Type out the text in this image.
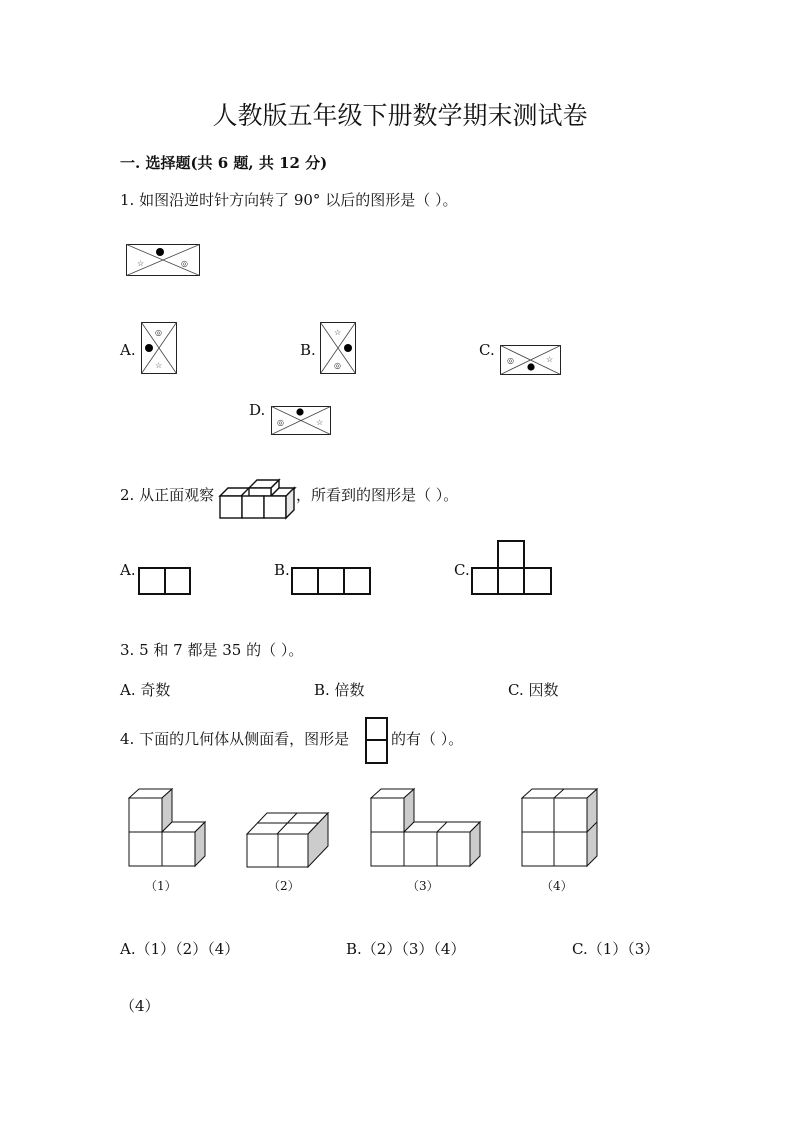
人教版五年级下册数学期末测试卷
一. 选择题(共 6 题, 共 12 分)
1. 如图沿逆时针方向转了 90° 以后的图形是（ ）。
☆	◎
A.
◎
☆
B.
☆
◎
C.
◎	☆
D.
◎	☆
2. 从正面观察	，所看到的图形是（ ）。
A.	B.	C.
3. 5 和 7 都是 35 的（ ）。
A. 奇数	B. 倍数	C. 因数
4. 下面的几何体从侧面看，图形是	的有（ ）。
（1）	（2）	（3）	（4）
A.（1）（2）（4）	B.（2）（3）（4）	C.（1）（3）
（4）
